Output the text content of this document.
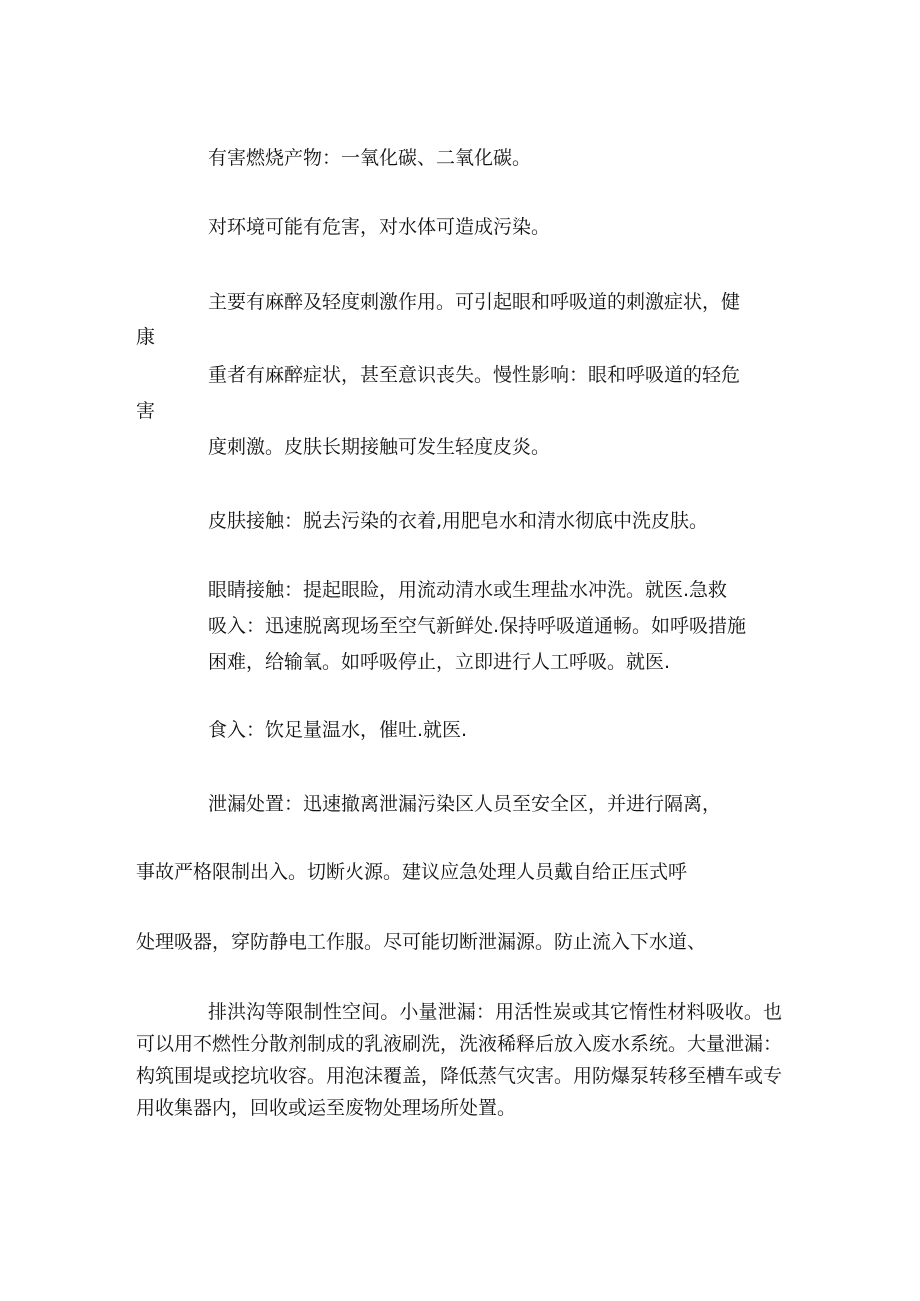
有害燃烧产物：一氧化碳、二氧化碳。
对环境可能有危害，对水体可造成污染。
主要有麻醉及轻度刺激作用。可引起眼和呼吸道的刺激症状，健
康
重者有麻醉症状，甚至意识丧失。慢性影响：眼和呼吸道的轻危
害
度刺激。皮肤长期接触可发生轻度皮炎。
皮肤接触：脱去污染的衣着,用肥皂水和清水彻底中洗皮肤。
眼睛接触：提起眼睑，用流动清水或生理盐水冲洗。就医.急救
吸入：迅速脱离现场至空气新鲜处.保持呼吸道通畅。如呼吸措施
困难，给输氧。如呼吸停止，立即进行人工呼吸。就医.
食入：饮足量温水，催吐.就医.
泄漏处置：迅速撤离泄漏污染区人员至安全区，并进行隔离，
事故严格限制出入。切断火源。建议应急处理人员戴自给正压式呼
处理吸器，穿防静电工作服。尽可能切断泄漏源。防止流入下水道、

排洪沟等限制性空间。小量泄漏：用活性炭或其它惰性材料吸收。也可以用不燃性分散剂制成的乳液刷洗，洗液稀释后放入废水系统。大量泄漏：构筑围堤或挖坑收容。用泡沫覆盖，降低蒸气灾害。用防爆泵转移至槽车或专用收集器内，回收或运至废物处理场所处置。
